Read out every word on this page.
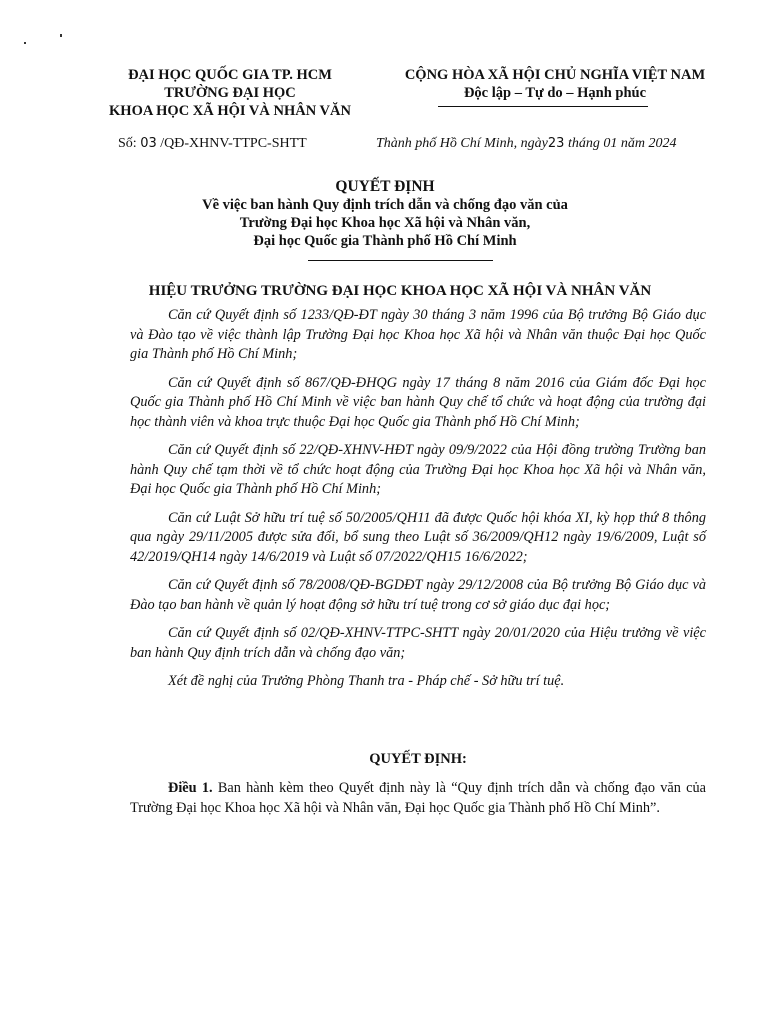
ĐẠI HỌC QUỐC GIA TP. HCM
TRƯỜNG ĐẠI HỌC
KHOA HỌC XÃ HỘI VÀ NHÂN VĂN
CỘNG HÒA XÃ HỘI CHỦ NGHĨA VIỆT NAM
Độc lập – Tự do – Hạnh phúc
Số: 03 /QĐ-XHNV-TTPC-SHTT	Thành phố Hồ Chí Minh, ngày23 tháng 01 năm 2024
QUYẾT ĐỊNH
Về việc ban hành Quy định trích dẫn và chống đạo văn của
Trường Đại học Khoa học Xã hội và Nhân văn,
Đại học Quốc gia Thành phố Hồ Chí Minh
HIỆU TRƯỞNG TRƯỜNG ĐẠI HỌC KHOA HỌC XÃ HỘI VÀ NHÂN VĂN

Căn cứ Quyết định số 1233/QĐ-ĐT ngày 30 tháng 3 năm 1996 của Bộ trưởng Bộ Giáo dục và Đào tạo về việc thành lập Trường Đại học Khoa học Xã hội và Nhân văn thuộc Đại học Quốc gia Thành phố Hồ Chí Minh;

Căn cứ Quyết định số 867/QĐ-ĐHQG ngày 17 tháng 8 năm 2016 của Giám đốc Đại học Quốc gia Thành phố Hồ Chí Minh về việc ban hành Quy chế tổ chức và hoạt động của trường đại học thành viên và khoa trực thuộc Đại học Quốc gia Thành phố Hồ Chí Minh;

Căn cứ Quyết định số 22/QĐ-XHNV-HĐT ngày 09/9/2022 của Hội đồng trường Trường ban hành Quy chế tạm thời về tổ chức hoạt động của Trường Đại học Khoa học Xã hội và Nhân văn, Đại học Quốc gia Thành phố Hồ Chí Minh;

Căn cứ Luật Sở hữu trí tuệ số 50/2005/QH11 đã được Quốc hội khóa XI, kỳ họp thứ 8 thông qua ngày 29/11/2005 được sửa đổi, bổ sung theo Luật số 36/2009/QH12 ngày 19/6/2009, Luật số 42/2019/QH14 ngày 14/6/2019 và Luật số 07/2022/QH15 16/6/2022;

Căn cứ Quyết định số 78/2008/QĐ-BGDĐT ngày 29/12/2008 của Bộ trưởng Bộ Giáo dục và Đào tạo ban hành về quản lý hoạt động sở hữu trí tuệ trong cơ sở giáo dục đại học;

Căn cứ Quyết định số 02/QĐ-XHNV-TTPC-SHTT ngày 20/01/2020 của Hiệu trưởng về việc ban hành Quy định trích dẫn và chống đạo văn;

Xét đề nghị của Trưởng Phòng Thanh tra - Pháp chế - Sở hữu trí tuệ.

QUYẾT ĐỊNH:
Điều 1. Ban hành kèm theo Quyết định này là “Quy định trích dẫn và chống đạo văn của Trường Đại học Khoa học Xã hội và Nhân văn, Đại học Quốc gia Thành phố Hồ Chí Minh”.
